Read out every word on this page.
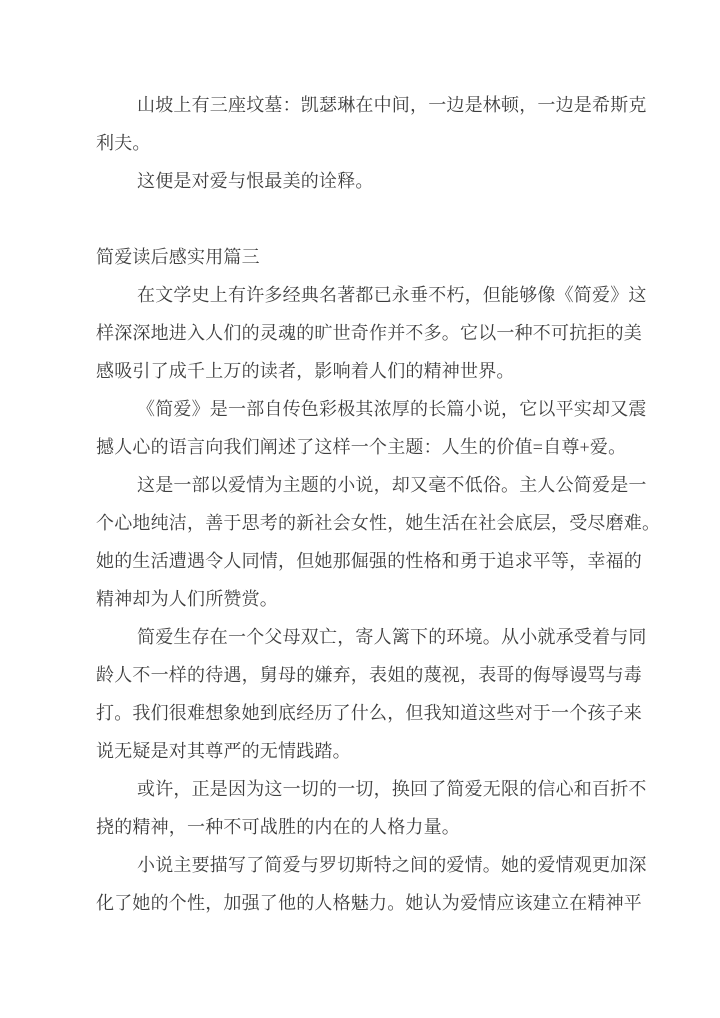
山坡上有三座坟墓：凯瑟琳在中间，一边是林顿，一边是希斯克
利夫。
这便是对爱与恨最美的诠释。
简爱读后感实用篇三
在文学史上有许多经典名著都已永垂不朽，但能够像《简爱》这
样深深地进入人们的灵魂的旷世奇作并不多。它以一种不可抗拒的美
感吸引了成千上万的读者，影响着人们的精神世界。
《简爱》是一部自传色彩极其浓厚的长篇小说，它以平实却又震
撼人心的语言向我们阐述了这样一个主题：人生的价值=自尊+爱。
这是一部以爱情为主题的小说，却又毫不低俗。主人公简爱是一
个心地纯洁，善于思考的新社会女性，她生活在社会底层，受尽磨难。
她的生活遭遇令人同情，但她那倔强的性格和勇于追求平等，幸福的
精神却为人们所赞赏。
简爱生存在一个父母双亡，寄人篱下的环境。从小就承受着与同
龄人不一样的待遇，舅母的嫌弃，表姐的蔑视，表哥的侮辱谩骂与毒
打。我们很难想象她到底经历了什么，但我知道这些对于一个孩子来
说无疑是对其尊严的无情践踏。
或许，正是因为这一切的一切，换回了简爱无限的信心和百折不
挠的精神，一种不可战胜的内在的人格力量。
小说主要描写了简爱与罗切斯特之间的爱情。她的爱情观更加深
化了她的个性，加强了他的人格魅力。她认为爱情应该建立在精神平
